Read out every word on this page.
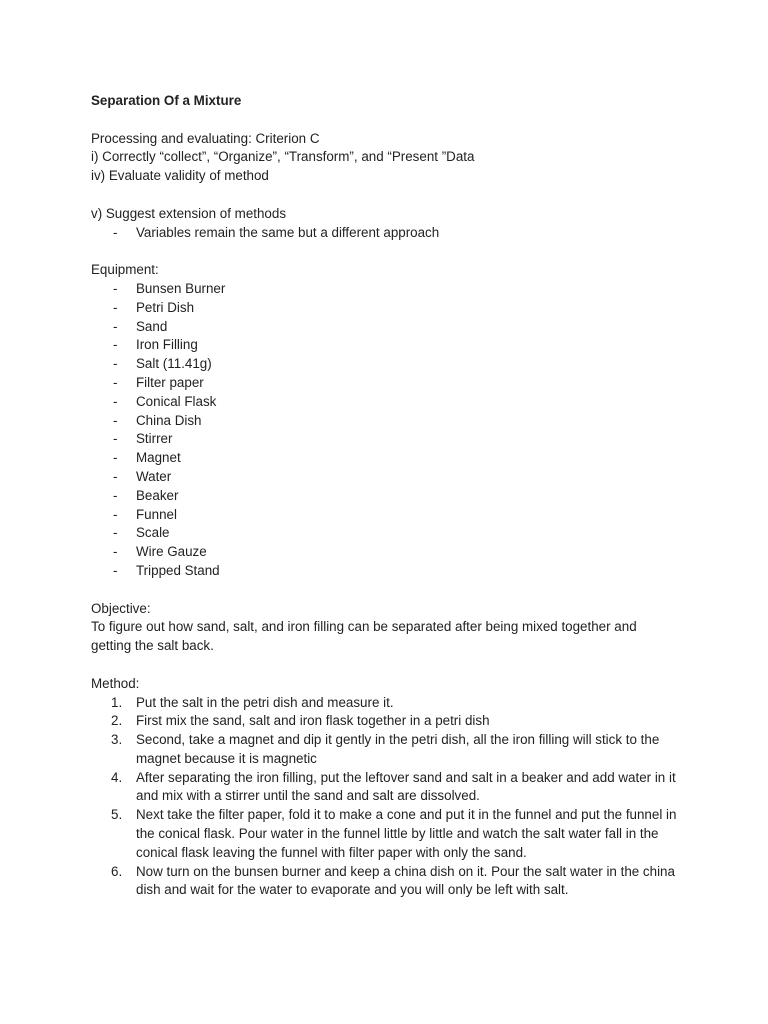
Separation Of a Mixture
Processing and evaluating: Criterion C
i) Correctly “collect”, “Organize”, “Transform”, and “Present ”Data
iv) Evaluate validity of method
v) Suggest extension of methods
- Variables remain the same but a different approach
Equipment:
- Bunsen Burner
- Petri Dish
- Sand
- Iron Filling
- Salt (11.41g)
- Filter paper
- Conical Flask
- China Dish
- Stirrer
- Magnet
- Water
- Beaker
- Funnel
- Scale
- Wire Gauze
- Tripped Stand
Objective:
To figure out how sand, salt, and iron filling can be separated after being mixed together and getting the salt back.
Method:
1. Put the salt in the petri dish and measure it.
2. First mix the sand, salt and iron flask together in a petri dish
3. Second, take a magnet and dip it gently in the petri dish, all the iron filling will stick to the magnet because it is magnetic
4. After separating the iron filling, put the leftover sand and salt in a beaker and add water in it and mix with a stirrer until the sand and salt are dissolved.
5. Next take the filter paper, fold it to make a cone and put it in the funnel and put the funnel in the conical flask. Pour water in the funnel little by little and watch the salt water fall in the conical flask leaving the funnel with filter paper with only the sand.
6. Now turn on the bunsen burner and keep a china dish on it. Pour the salt water in the china dish and wait for the water to evaporate and you will only be left with salt.
